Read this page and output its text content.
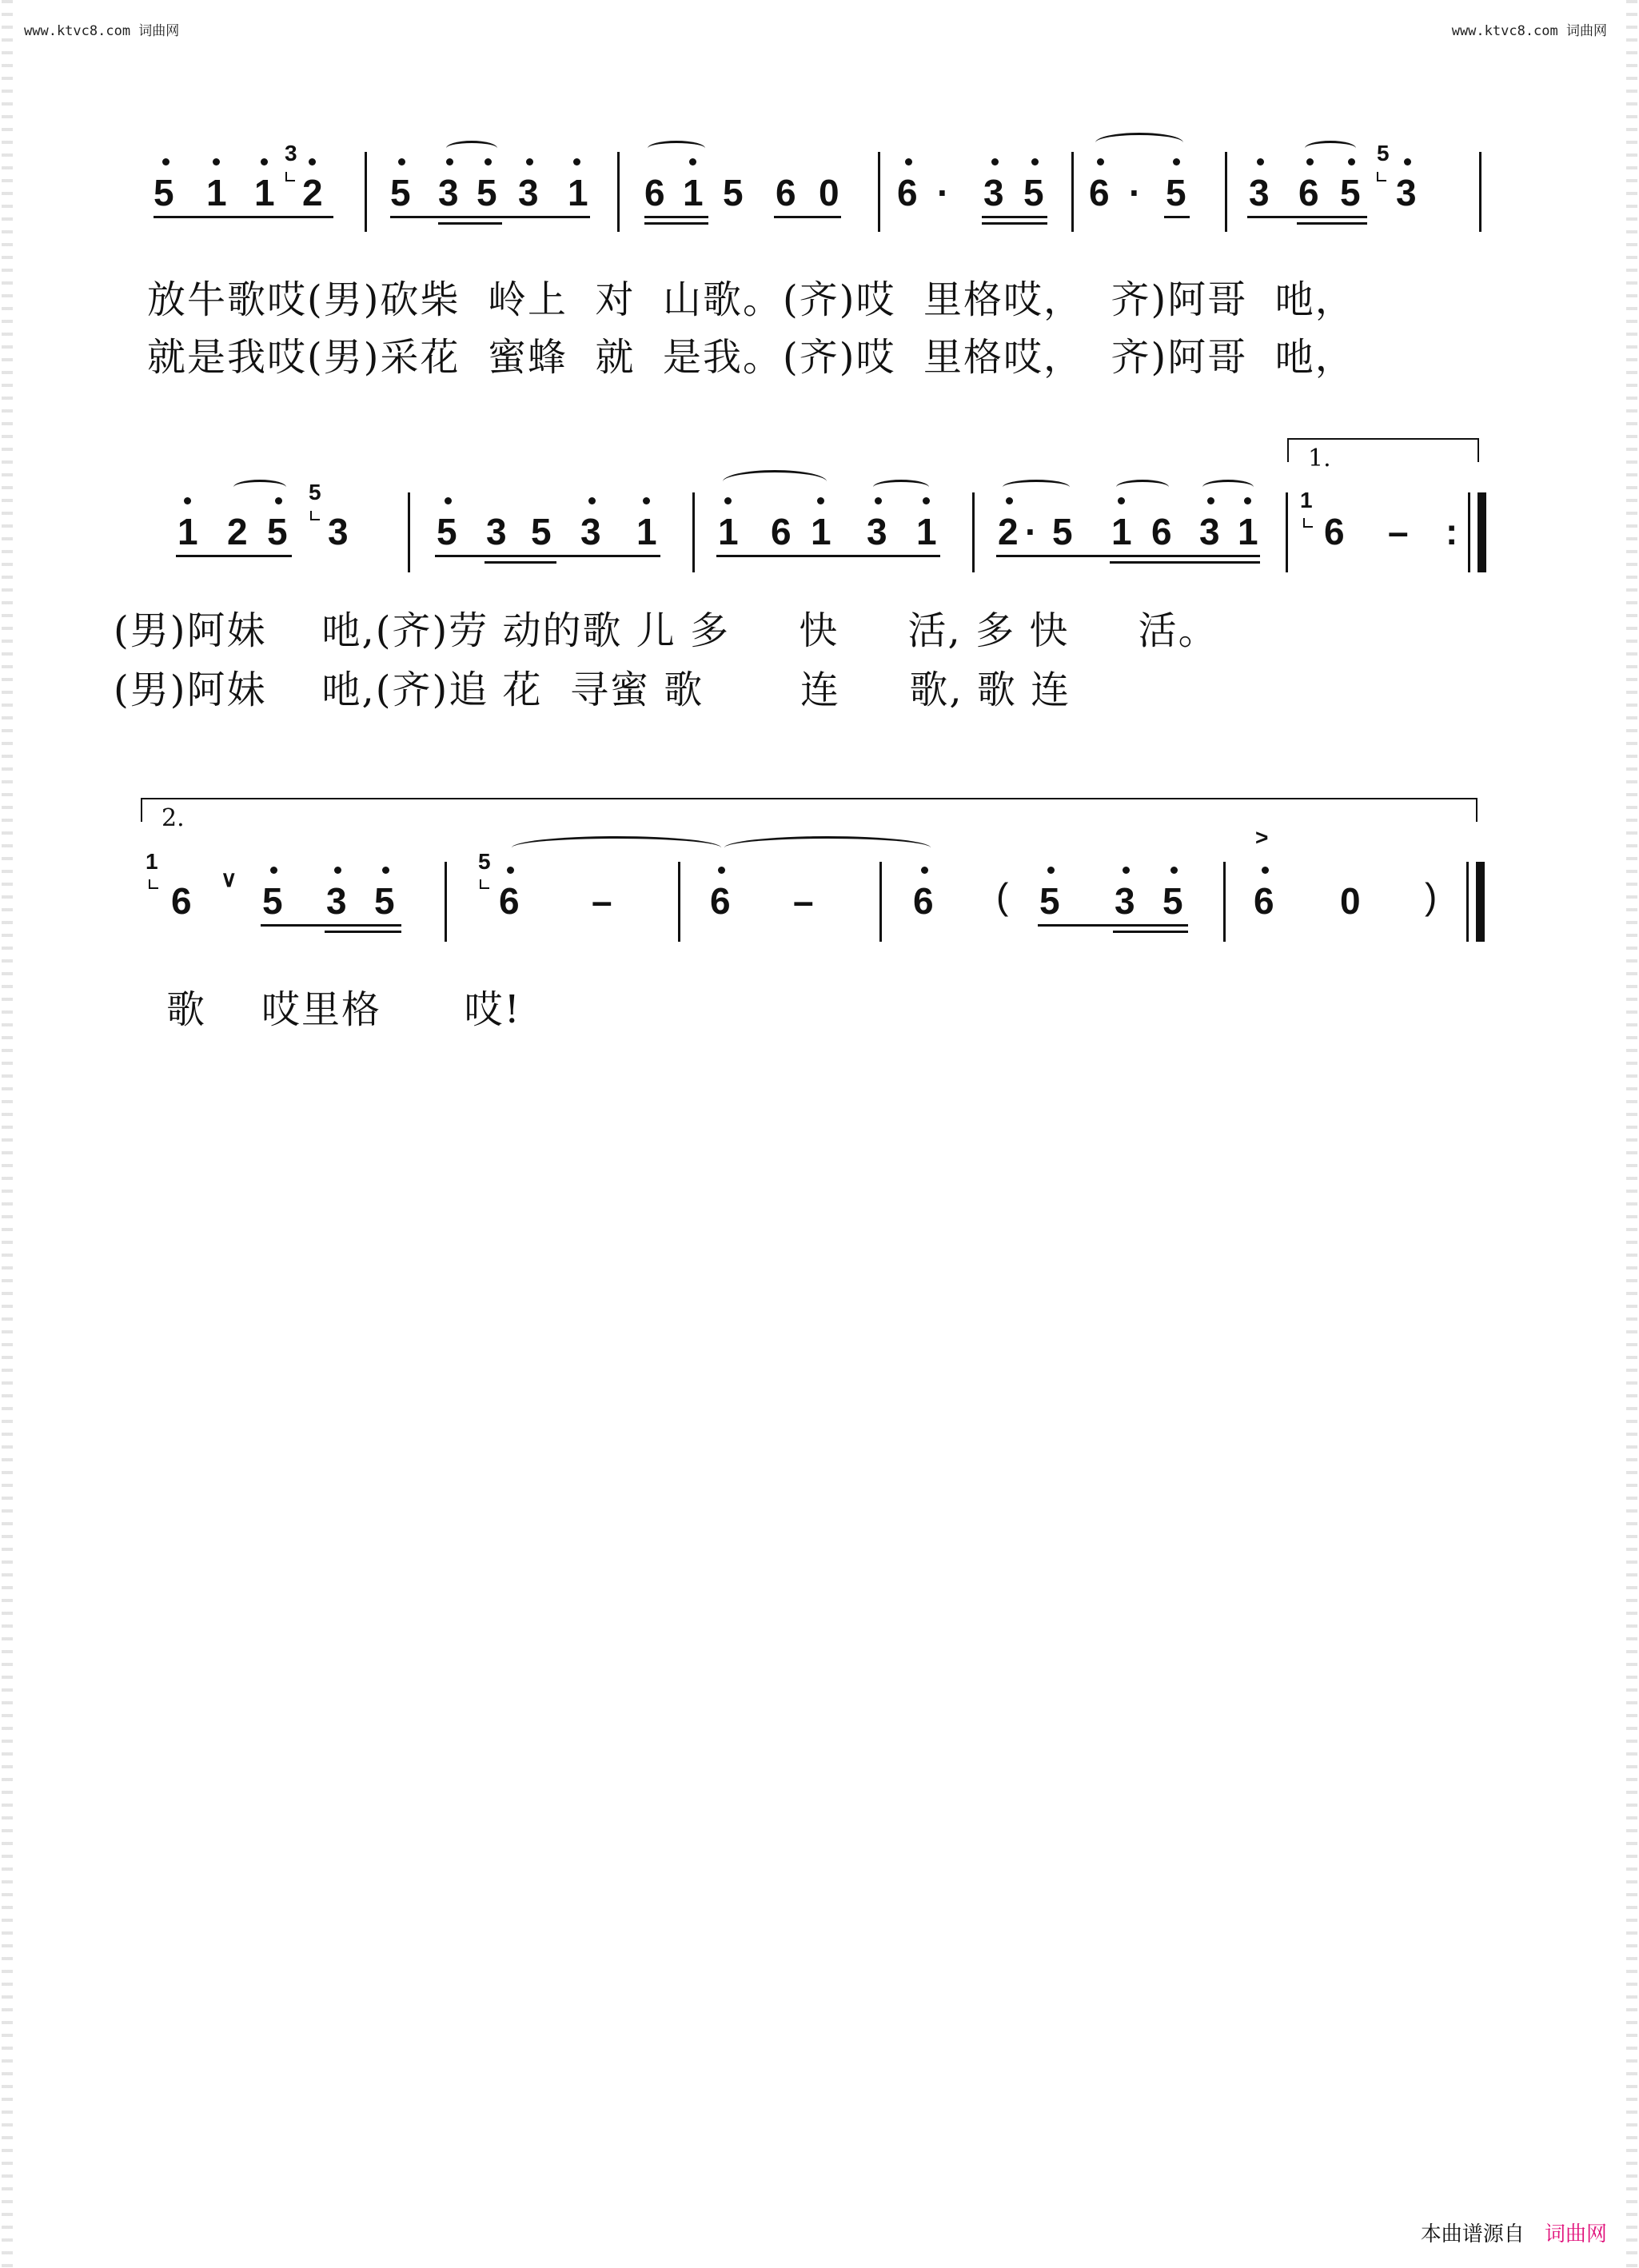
www.ktvc8.com 词曲网	www.ktvc8.com 词曲网
5 1 1
3
2 5 3 5 3 1 6 1 5 6 0 6 · 3 5 6 · 5 3 6 5
5
3
放牛歌哎(男)砍柴  岭上  对  山歌。(齐)哎  里格哎，  齐)阿哥  吔，
就是我哎(男)采花  蜜蜂  就  是我。(齐)哎  里格哎，  齐)阿哥  吔，
1 2 5
5
3 5 3 5 3 1 1 6 1 3 1 2 · 5 1 6 3 1
1.
1
6 – :
(男)阿妹    吔,(齐)劳 动的歌 儿 多     快     活, 多 快     活。
(男)阿妹    吔,(齐)追 花  寻蜜 歌       连     歌, 歌 连
2.
1
6
∨
5 3 5
5
6 –	6 –	6 ( 5 3 5
>
6 0 )
歌    哎里格      哎!
本曲谱源自 词曲网
